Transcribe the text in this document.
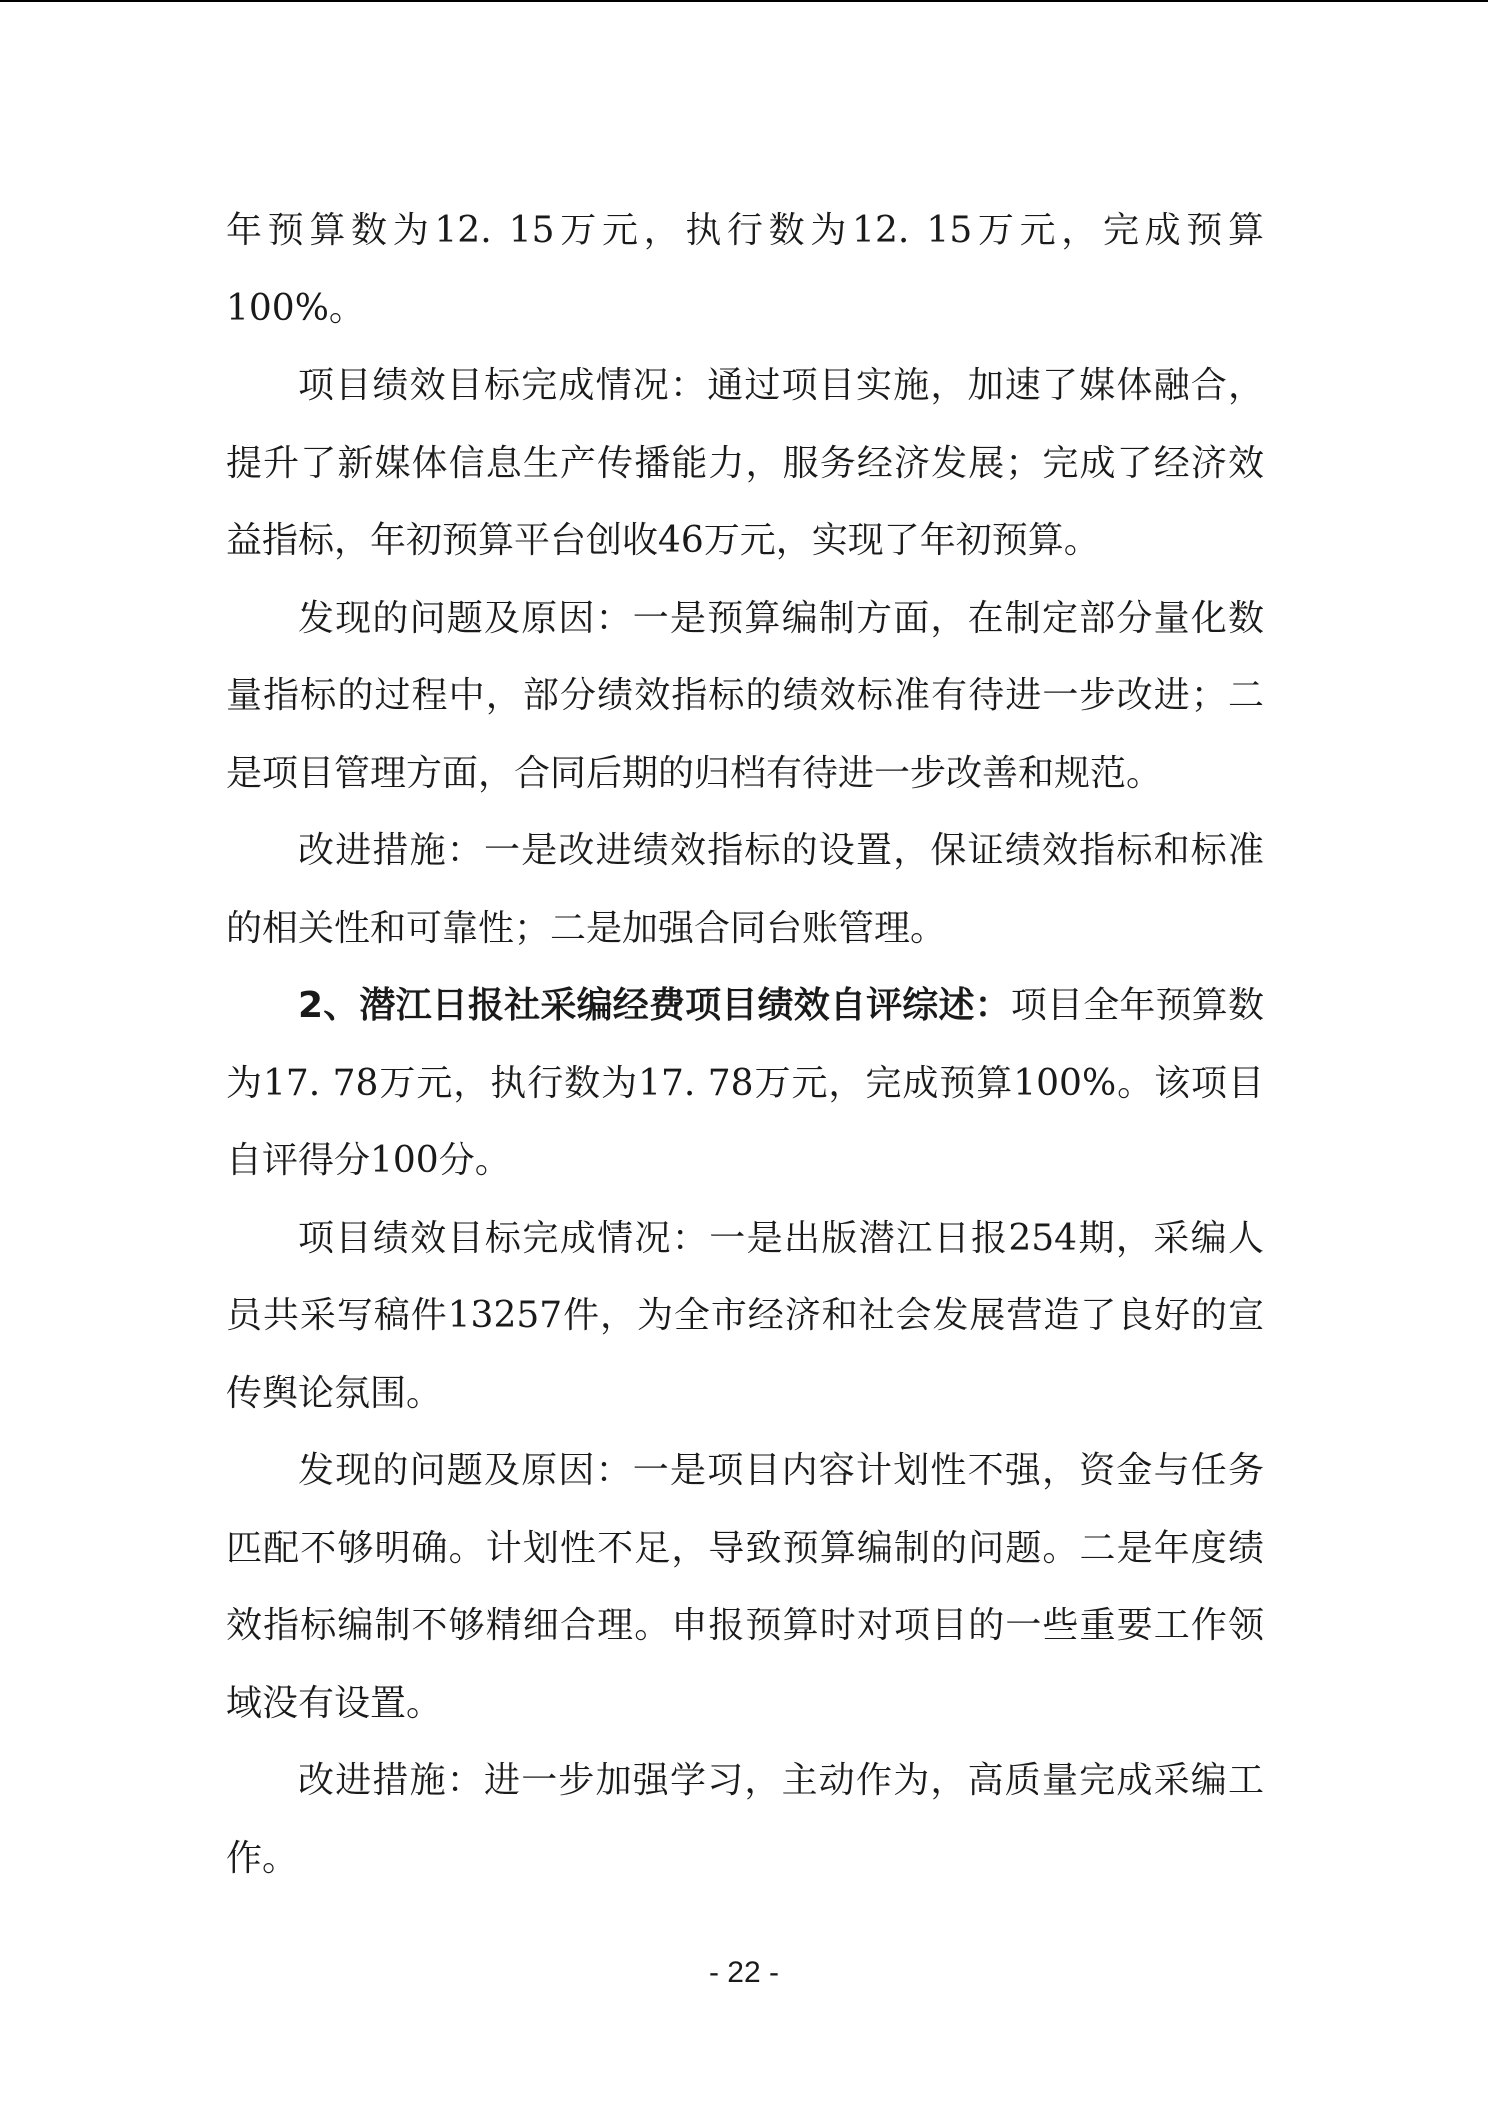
年预算数为12. 15万元，执行数为12. 15万元，完成预算100%。

项目绩效目标完成情况：通过项目实施，加速了媒体融合，提升了新媒体信息生产传播能力，服务经济发展；完成了经济效益指标，年初预算平台创收46万元，实现了年初预算。

发现的问题及原因：一是预算编制方面，在制定部分量化数量指标的过程中，部分绩效指标的绩效标准有待进一步改进；二是项目管理方面，合同后期的归档有待进一步改善和规范。

改进措施：一是改进绩效指标的设置，保证绩效指标和标准的相关性和可靠性；二是加强合同台账管理。

2、潜江日报社采编经费项目绩效自评综述：项目全年预算数为17. 78万元，执行数为17. 78万元，完成预算100%。该项目自评得分100分。

项目绩效目标完成情况：一是出版潜江日报254期，采编人员共采写稿件13257件，为全市经济和社会发展营造了良好的宣传舆论氛围。

发现的问题及原因：一是项目内容计划性不强，资金与任务匹配不够明确。计划性不足，导致预算编制的问题。二是年度绩效指标编制不够精细合理。申报预算时对项目的一些重要工作领域没有设置。

改进措施：进一步加强学习，主动作为，高质量完成采编工作。

- 22 -
